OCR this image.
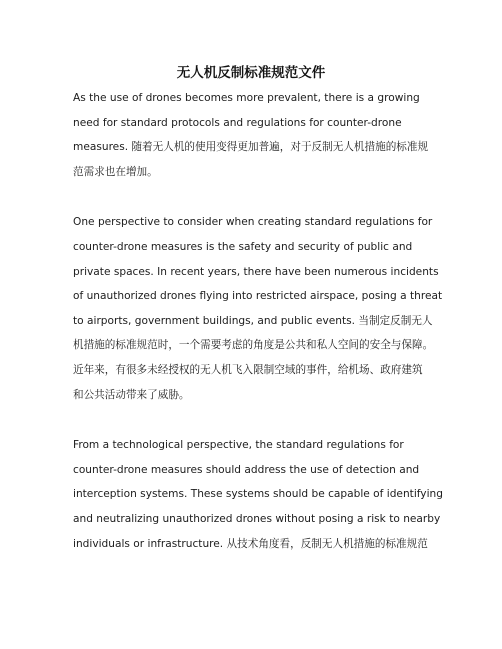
无人机反制标准规范文件
As the use of drones becomes more prevalent, there is a growing
need for standard protocols and regulations for counter-drone
measures. 随着无人机的使用变得更加普遍，对于反制无人机措施的标准规
范需求也在增加。
One perspective to consider when creating standard regulations for
counter-drone measures is the safety and security of public and
private spaces. In recent years, there have been numerous incidents
of unauthorized drones flying into restricted airspace, posing a threat
to airports, government buildings, and public events. 当制定反制无人
机措施的标准规范时，一个需要考虑的角度是公共和私人空间的安全与保障。
近年来，有很多未经授权的无人机飞入限制空域的事件，给机场、政府建筑
和公共活动带来了威胁。
From a technological perspective, the standard regulations for
counter-drone measures should address the use of detection and
interception systems. These systems should be capable of identifying
and neutralizing unauthorized drones without posing a risk to nearby
individuals or infrastructure. 从技术角度看，反制无人机措施的标准规范
